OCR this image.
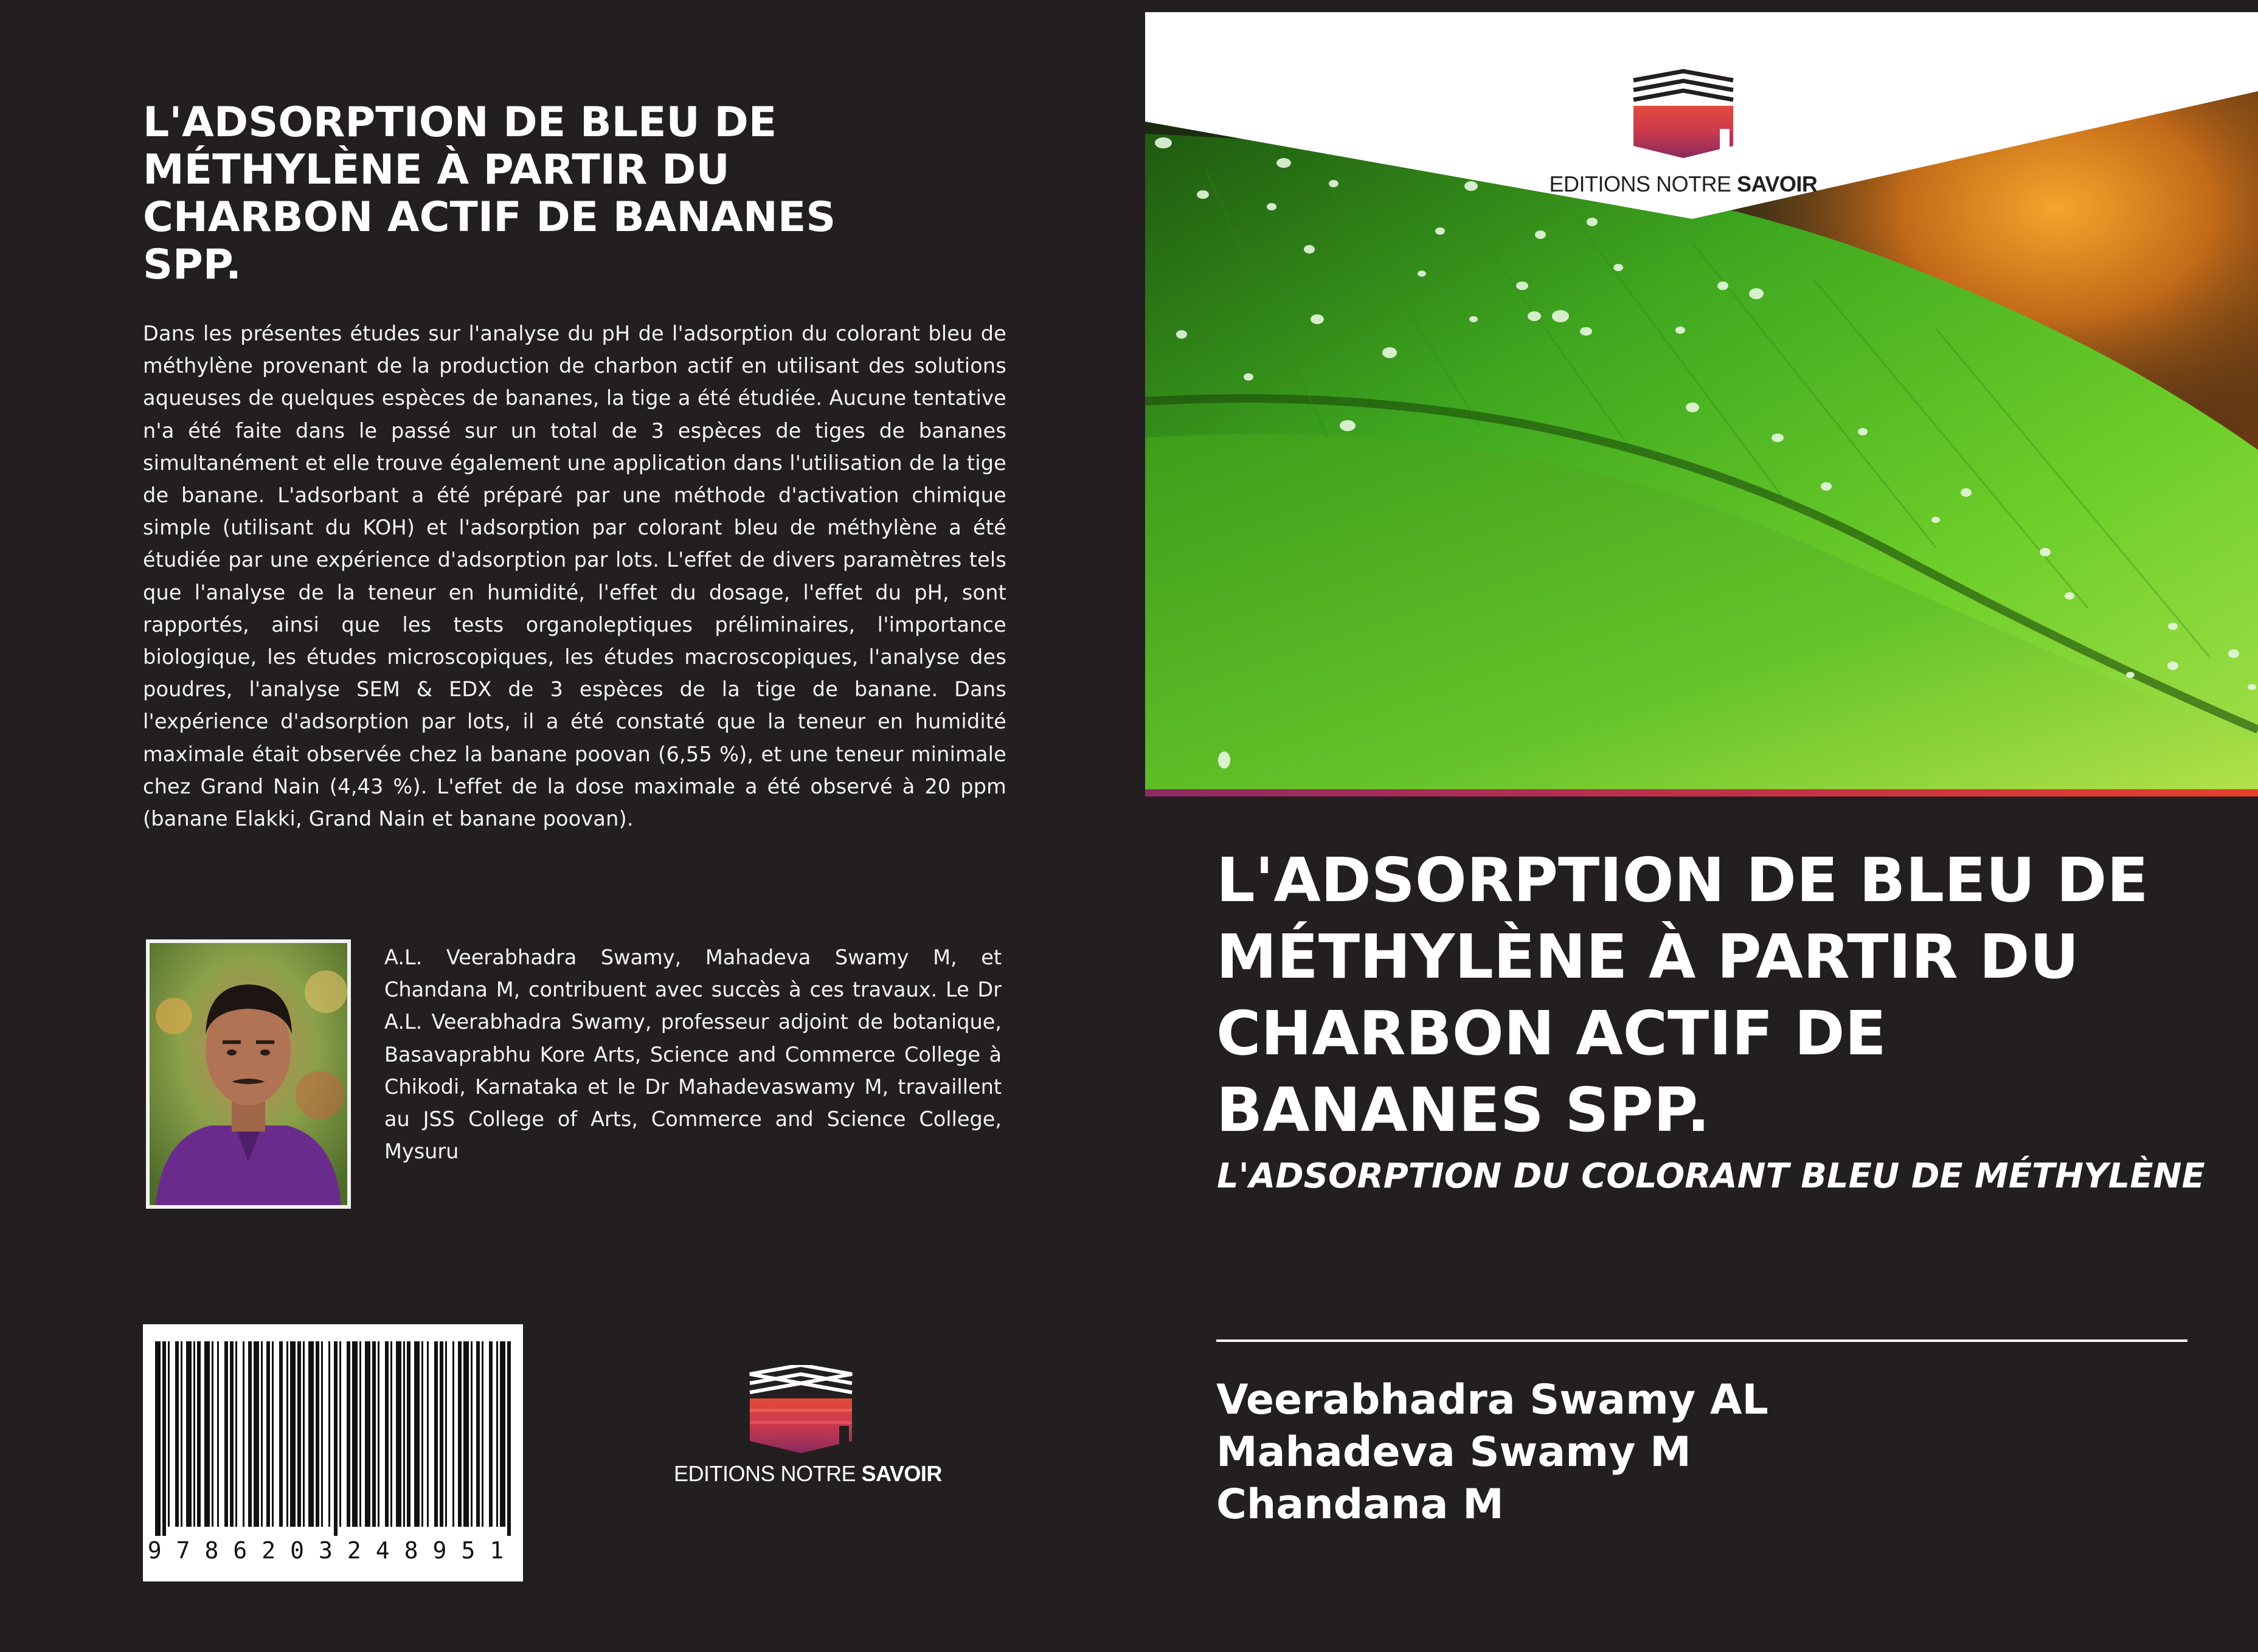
L'ADSORPTION DE BLEU DE MÉTHYLÈNE À PARTIR DU CHARBON ACTIF DE BANANES SPP.

Dans les présentes études sur l'analyse du pH de l'adsorption du colorant bleu de méthylène provenant de la production de charbon actif en utilisant des solutions aqueuses de quelques espèces de bananes, la tige a été étudiée. Aucune tentative n'a été faite dans le passé sur un total de 3 espèces de tiges de bananes simultanément et elle trouve également une application dans l'utilisation de la tige de banane. L'adsorbant a été préparé par une méthode d'activation chimique simple (utilisant du KOH) et l'adsorption par colorant bleu de méthylène a été étudiée par une expérience d'adsorption par lots. L'effet de divers paramètres tels que l'analyse de la teneur en humidité, l'effet du dosage, l'effet du pH, sont rapportés, ainsi que les tests organoleptiques préliminaires, l'importance biologique, les études microscopiques, les études macroscopiques, l'analyse des poudres, l'analyse SEM & EDX de 3 espèces de la tige de banane. Dans l'expérience d'adsorption par lots, il a été constaté que la teneur en humidité maximale était observée chez la banane poovan (6,55 %), et une teneur minimale chez Grand Nain (4,43 %). L'effet de la dose maximale a été observé à 20 ppm (banane Elakki, Grand Nain et banane poovan).

A.L. Veerabhadra Swamy, Mahadeva Swamy M, et Chandana M, contribuent avec succès à ces travaux. Le Dr A.L. Veerabhadra Swamy, professeur adjoint de botanique, Basavaprabhu Kore Arts, Science and Commerce College à Chikodi, Karnataka et le Dr Mahadevaswamy M, travaillent au JSS College of Arts, Commerce and Science College, Mysuru

9786203248951
EDITIONS NOTRE SAVOIR
EDITIONS NOTRE SAVOIR
L'ADSORPTION DE BLEU DE MÉTHYLÈNE À PARTIR DU CHARBON ACTIF DE BANANES SPP.
L'ADSORPTION DU COLORANT BLEU DE MÉTHYLÈNE
Veerabhadra Swamy AL
Mahadeva Swamy M
Chandana M
